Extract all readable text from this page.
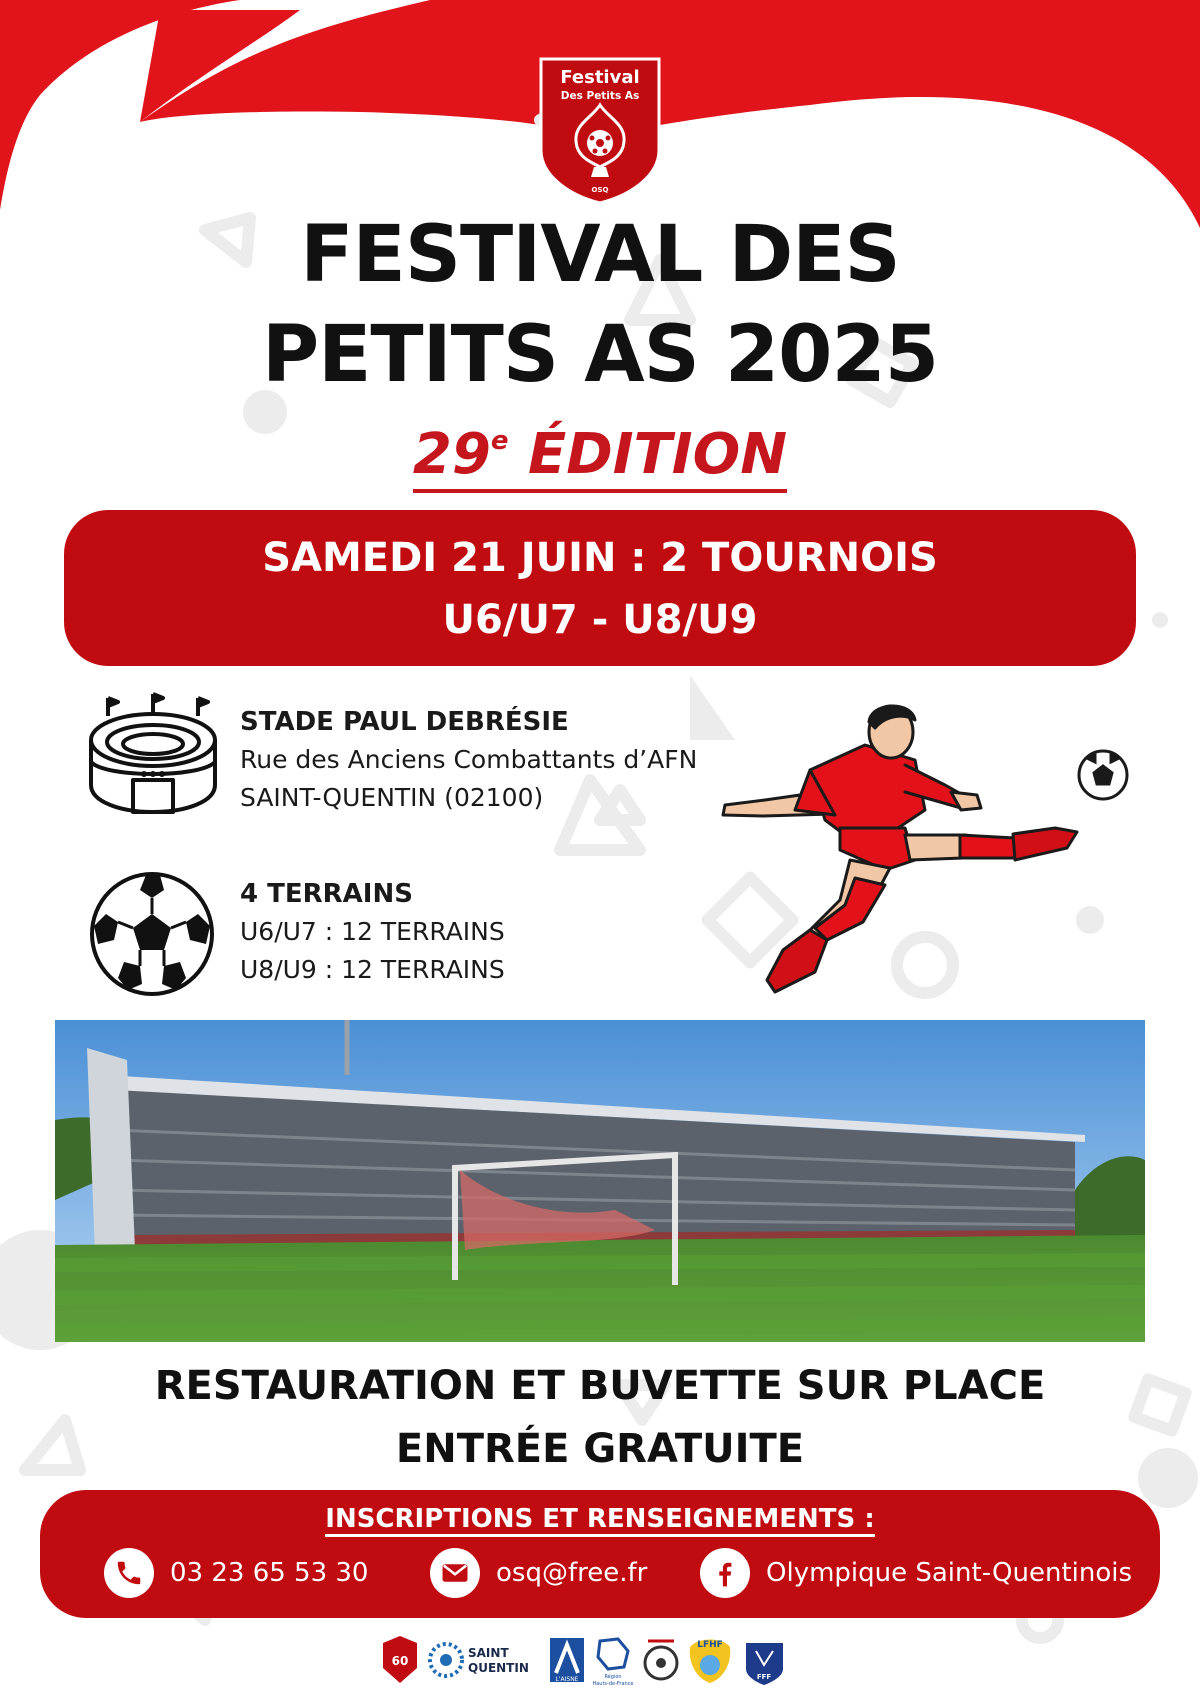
Festival
Des Petits As
OSQ
FESTIVAL DES
PETITS AS 2025
29e ÉDITION
SAMEDI 21 JUIN : 2 TOURNOIS
U6/U7 - U8/U9
STADE PAUL DEBRÉSIE
Rue des Anciens Combattants d’AFN
SAINT-QUENTIN (02100)
4 TERRAINS
U6/U7 : 12 TERRAINS
U8/U9 : 12 TERRAINS
RESTAURATION ET BUVETTE SUR PLACE
ENTRÉE GRATUITE
INSCRIPTIONS ET RENSEIGNEMENTS :
03 23 65 53 30	osq@free.fr	Olympique Saint-Quentinois
60
SAINT
QUENTIN
L'AISNE	Région
Hauts-de-France
LFHF
FFF
